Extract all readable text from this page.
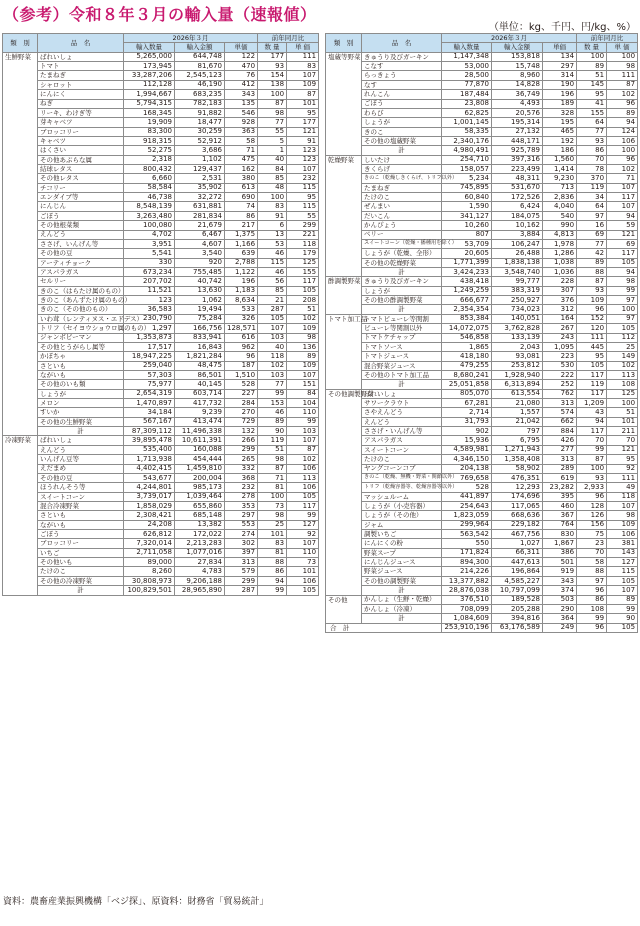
（参考）令和８年３月の輸入量（速報値）
（単位：kg、千円、円/kg、%）
類　別	品　名	2026年３月			前年同月比	
		輸入数量	輸入金額	単価	数 量	単 価
生鮮野菜	ばれいしょ	5,265,000	644,748	122	177	111
	トマト	173,945	81,670	470	93	83
	たまねぎ	33,287,206	2,545,123	76	154	107
	シャロット	112,128	46,190	412	138	109
	にんにく	1,994,667	683,235	343	100	87
	ねぎ	5,794,315	782,183	135	87	101
	リーキ、わけぎ等	168,345	91,882	546	98	95
	芽キャベツ	19,909	18,477	928	77	177
	ブロッコリー	83,300	30,259	363	55	121
	キャベツ	918,315	52,912	58	5	91
	はくさい	52,275	3,686	71	1	123
	その他あぶらな属	2,318	1,102	475	40	123
	結球レタス	800,432	129,437	162	84	107
	その他レタス	6,660	2,531	380	85	232
	チコリー	58,584	35,902	613	48	115
	エンダイブ等	46,738	32,272	690	100	95
	にんじん	8,548,139	631,881	74	83	115
	ごぼう	3,263,480	281,834	86	91	55
	その他根菜類	100,080	21,679	217	6	299
	えんどう	4,702	6,467	1,375	13	221
	ささげ、いんげん等	3,951	4,607	1,166	53	118
	その他の豆	5,541	3,540	639	46	179
	アーティチョーク	330	920	2,788	115	125
	アスパラガス	673,234	755,485	1,122	46	155
	セルリー	207,702	40,742	196	56	117
	きのこ（はらたけ属のもの）	11,521	13,630	1,183	85	105
	きのこ（あんずたけ属のもの）	123	1,062	8,634	21	208
	きのこ（その他のもの）	36,583	19,494	533	287	51
	いわ茸（レンティヌス・エドデス）	230,790	75,284	326	105	102
	トリフ（セイヨウショウロ属のもの）	1,297	166,756	128,571	107	109
	ジャンボピーマン	1,353,873	833,941	616	103	98
	その他とうがらし属等	17,517	16,843	962	40	136
	かぼちゃ	18,947,225	1,821,284	96	118	89
	さといも	259,040	48,475	187	102	109
	ながいも	57,303	86,501	1,510	103	107
	その他のいも類	75,977	40,145	528	77	151
	しょうが	2,654,319	603,714	227	99	84
	メロン	1,470,897	417,732	284	153	104
	すいか	34,184	9,239	270	46	110
	その他の生鮮野菜	567,167	413,474	729	89	99
	計	87,309,112	11,496,338	132	90	103
冷凍野菜	ばれいしょ	39,895,478	10,611,391	266	119	107
	えんどう	535,400	160,088	299	51	87
	いんげん豆等	1,713,938	454,444	265	98	102
	えだまめ	4,402,415	1,459,810	332	87	106
	その他の豆	543,677	200,004	368	71	113
	ほうれんそう等	4,244,801	985,173	232	81	106
	スイートコーン	3,739,017	1,039,464	278	100	105
	混合冷凍野菜	1,858,029	655,860	353	73	117
	さといも	2,308,421	685,148	297	98	99
	ながいも	24,208	13,382	553	25	127
	ごぼう	626,812	172,022	274	101	92
	ブロッコリー	7,320,014	2,213,283	302	83	107
	いちご	2,711,058	1,077,016	397	81	110
	その他いも	89,000	27,834	313	88	73
	たけのこ	8,260	4,783	579	86	101
	その他の冷凍野菜	30,808,973	9,206,188	299	94	106
	計	100,829,501	28,965,890	287	99	105
類　別	品　名	2026年３月			前年同月比	
		輸入数量	輸入金額	単価	数 量	単 価
塩蔵等野菜	きゅうり及びガーキン	1,147,348	153,818	134	100	100
	こなす	53,000	15,748	297	89	98
	らっきょう	28,500	8,960	314	51	111
	なす	77,870	14,828	190	145	87
	れんこん	187,484	36,749	196	95	102
	ごぼう	23,808	4,493	189	41	96
	わらび	62,825	20,576	328	155	89
	しょうが	1,001,145	195,314	195	64	94
	きのこ	58,335	27,132	465	77	124
	その他の塩蔵野菜	2,340,176	448,171	192	93	106
	計	4,980,491	925,789	186	86	100
乾燥野菜	しいたけ	254,710	397,316	1,560	70	96
	きくらげ	158,057	223,499	1,414	78	102
	きのこ（乾燥しきくらげ、トリフ以外）	5,234	48,311	9,230	370	71
	たまねぎ	745,895	531,670	713	119	107
	たけのこ	60,840	172,526	2,836	34	117
	ぜんまい	1,590	6,424	4,040	64	107
	だいこん	341,127	184,075	540	97	94
	かんぴょう	10,260	10,162	990	16	59
	ベリー	807	3,884	4,813	69	121
	スイートコーン（乾燥・播種用を除く）	53,709	106,247	1,978	77	69
	しょうが（乾燥、全形）	20,605	26,488	1,286	42	117
	その他の乾燥野菜	1,771,399	1,838,138	1,038	89	105
	計	3,424,233	3,548,740	1,036	88	94
酢調製野菜	きゅうり及びガーキン	438,418	99,777	228	87	98
	しょうが	1,249,259	383,319	307	93	99
	その他の酢調製野菜	666,677	250,927	376	109	97
	計	2,354,354	734,023	312	96	100
トマト加工品	トマトピューレ等関割	853,384	140,051	164	152	97
	ピューレ等関割以外	14,072,075	3,762,828	267	120	105
	トマトケチャップ	546,858	133,139	243	111	112
	トマトソース	1,865	2,043	1,095	445	25
	トマトジュース	418,180	93,081	223	95	149
	混合野菜ジュース	479,255	253,812	530	105	102
	その他のトマト加工品	8,680,241	1,928,940	222	117	113
	計	25,051,858	6,313,894	252	119	108
その他調製野菜	ばれいしょ	805,070	613,554	762	117	125
	サワークラウト	67,281	21,080	313	1,209	100
	さやえんどう	2,714	1,557	574	43	51
	えんどう	31,793	21,042	662	94	101
	ささげ・いんげん等	902	797	884	117	211
	アスパラガス	15,936	6,795	426	70	70
	スイートコーン	4,589,981	1,271,943	277	99	121
	たけのこ	4,346,150	1,358,408	313	87	95
	ヤングコーンコブ	204,138	58,902	289	100	92
	きのこ（乾燥、無機・野菜・関節以外）	769,658	476,351	619	93	111
	トリフ（乾燥容器等、乾燥容器等以外）	528	12,293	23,282	2,933	49
	マッシュルーム	441,897	174,696	395	96	118
	しょうが（小売容器）	254,643	117,065	460	128	107
	しょうが（その他）	1,823,059	668,636	367	126	98
	ジャム	299,964	229,182	764	156	109
	調製いちご	563,542	467,756	830	75	106
	にんにくの粉	550	1,027	1,867	23	381
	野菜スープ	171,824	66,311	386	70	143
	にんじんジュース	894,300	447,613	501	58	127
	野菜ジュース	214,226	196,864	919	88	115
	その他の調製野菜	13,377,882	4,585,227	343	97	105
	計	28,876,038	10,797,099	374	96	107
その他	かんしょ（生鮮・乾燥）	376,510	189,528	503	86	89
	かんしょ（冷凍）	708,099	205,288	290	108	99
	計	1,084,609	394,816	364	99	90
合　計		253,910,196	63,176,589	249	96	105
資料：農畜産業振興機構「ベジ探」、原資料：財務省「貿易統計」
